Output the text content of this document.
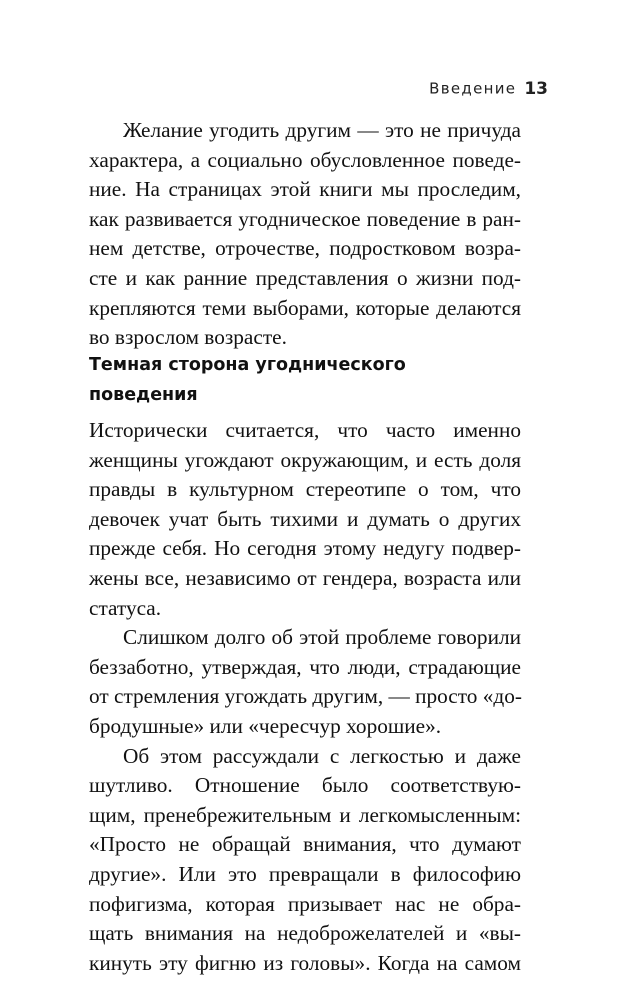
Введение 13
Желание угодить другим — это не причуда
характера, а социально обусловленное поведе-
ние. На страницах этой книги мы проследим,
как развивается угодническое поведение в ран-
нем детстве, отрочестве, подростковом возра-
сте и как ранние представления о жизни под-
крепляются теми выборами, которые делаются
во взрослом возрасте.
Темная сторона угоднического
поведения
Исторически считается, что часто именно
женщины угождают окружающим, и есть доля
правды в культурном стереотипе о том, что
девочек учат быть тихими и думать о других
прежде себя. Но сегодня этому недугу подвер-
жены все, независимо от гендера, возраста или
статуса.
Слишком долго об этой проблеме говорили
беззаботно, утверждая, что люди, страдающие
от стремления угождать другим, — просто «до-
бродушные» или «чересчур хорошие».
Об этом рассуждали с легкостью и даже
шутливо. Отношение было соответствую-
щим, пренебрежительным и легкомысленным:
«Просто не обращай внимания, что думают
другие». Или это превращали в философию
пофигизма, которая призывает нас не обра-
щать внимания на недоброжелателей и «вы-
кинуть эту фигню из головы». Когда на самом
